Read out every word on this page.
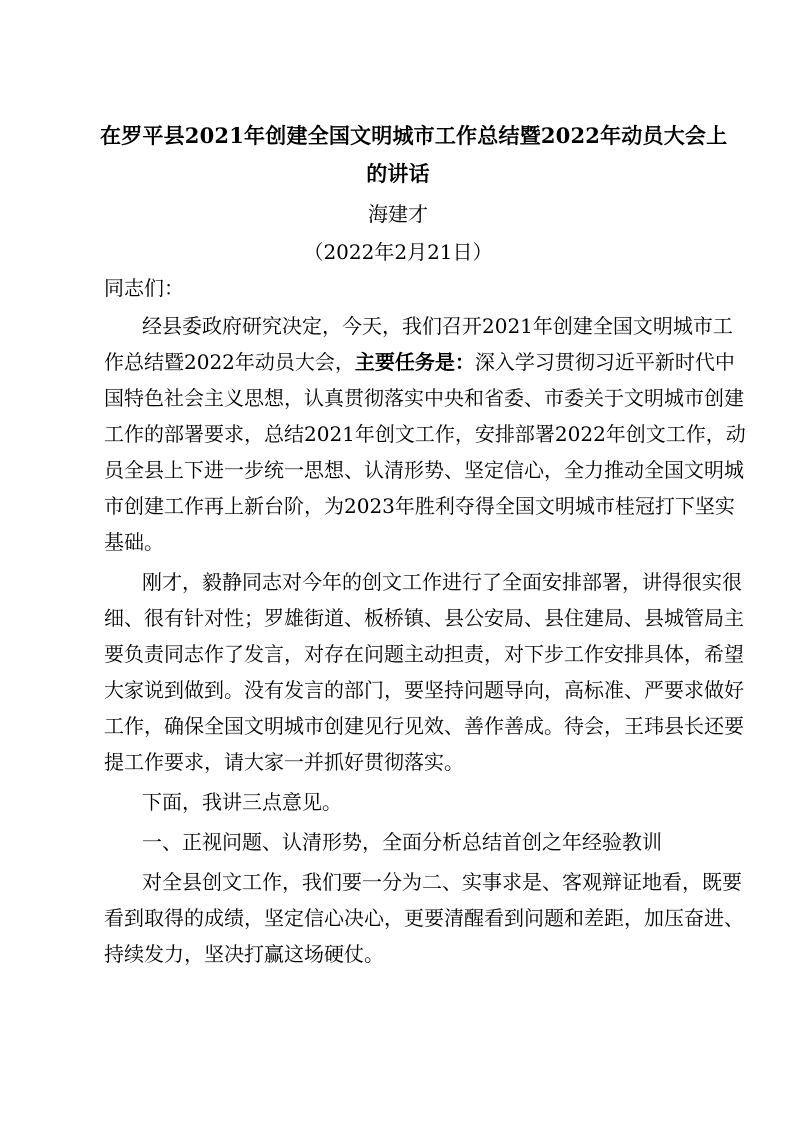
在罗平县2021年创建全国文明城市工作总结暨2022年动员大会上
的讲话
海建才
（2022年2月21日）
同志们：
经县委政府研究决定，今天，我们召开2021年创建全国文明城市工
作总结暨2022年动员大会，主要任务是：深入学习贯彻习近平新时代中
国特色社会主义思想，认真贯彻落实中央和省委、市委关于文明城市创建
工作的部署要求，总结2021年创文工作，安排部署2022年创文工作，动
员全县上下进一步统一思想、认清形势、坚定信心，全力推动全国文明城
市创建工作再上新台阶，为2023年胜利夺得全国文明城市桂冠打下坚实
基础。
刚才，毅静同志对今年的创文工作进行了全面安排部署，讲得很实很
细、很有针对性；罗雄街道、板桥镇、县公安局、县住建局、县城管局主
要负责同志作了发言，对存在问题主动担责，对下步工作安排具体，希望
大家说到做到。没有发言的部门，要坚持问题导向，高标准、严要求做好
工作，确保全国文明城市创建见行见效、善作善成。待会，王玮县长还要
提工作要求，请大家一并抓好贯彻落实。
下面，我讲三点意见。
一、正视问题、认清形势，全面分析总结首创之年经验教训
对全县创文工作，我们要一分为二、实事求是、客观辩证地看，既要
看到取得的成绩，坚定信心决心，更要清醒看到问题和差距，加压奋进、
持续发力，坚决打赢这场硬仗。
